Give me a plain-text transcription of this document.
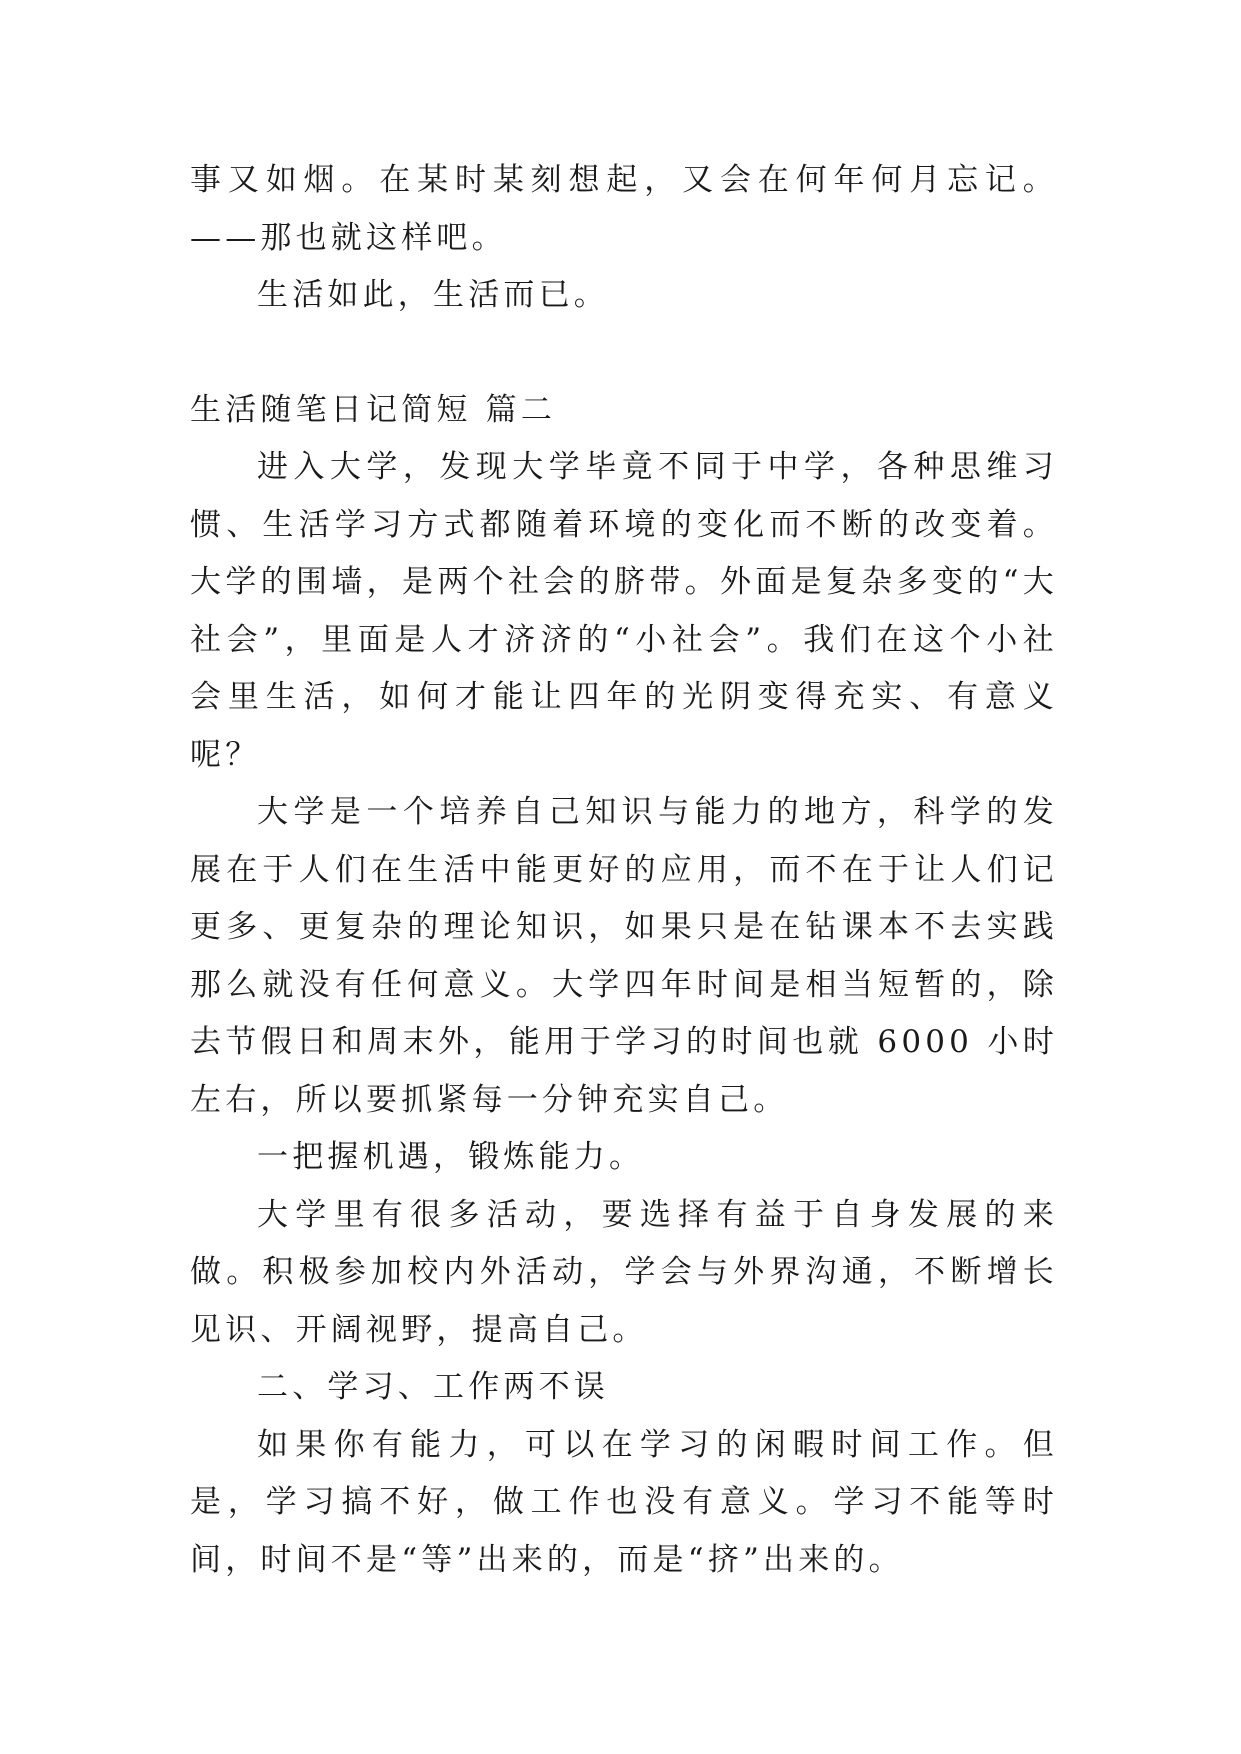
事又如烟。在某时某刻想起，又会在何年何月忘记。——那也就这样吧。

生活如此，生活而已。

生活随笔日记简短 篇二

进入大学，发现大学毕竟不同于中学，各种思维习惯、生活学习方式都随着环境的变化而不断的改变着。大学的围墙，是两个社会的脐带。外面是复杂多变的“大社会”，里面是人才济济的“小社会”。我们在这个小社会里生活，如何才能让四年的光阴变得充实、有意义呢？

大学是一个培养自己知识与能力的地方，科学的发展在于人们在生活中能更好的应用，而不在于让人们记更多、更复杂的理论知识，如果只是在钻课本不去实践那么就没有任何意义。大学四年时间是相当短暂的，除去节假日和周末外，能用于学习的时间也就 6000 小时左右，所以要抓紧每一分钟充实自己。

一把握机遇，锻炼能力。

大学里有很多活动，要选择有益于自身发展的来做。积极参加校内外活动，学会与外界沟通，不断增长见识、开阔视野，提高自己。

二、学习、工作两不误

如果你有能力，可以在学习的闲暇时间工作。但是，学习搞不好，做工作也没有意义。学习不能等时间，时间不是“等”出来的，而是“挤”出来的。
